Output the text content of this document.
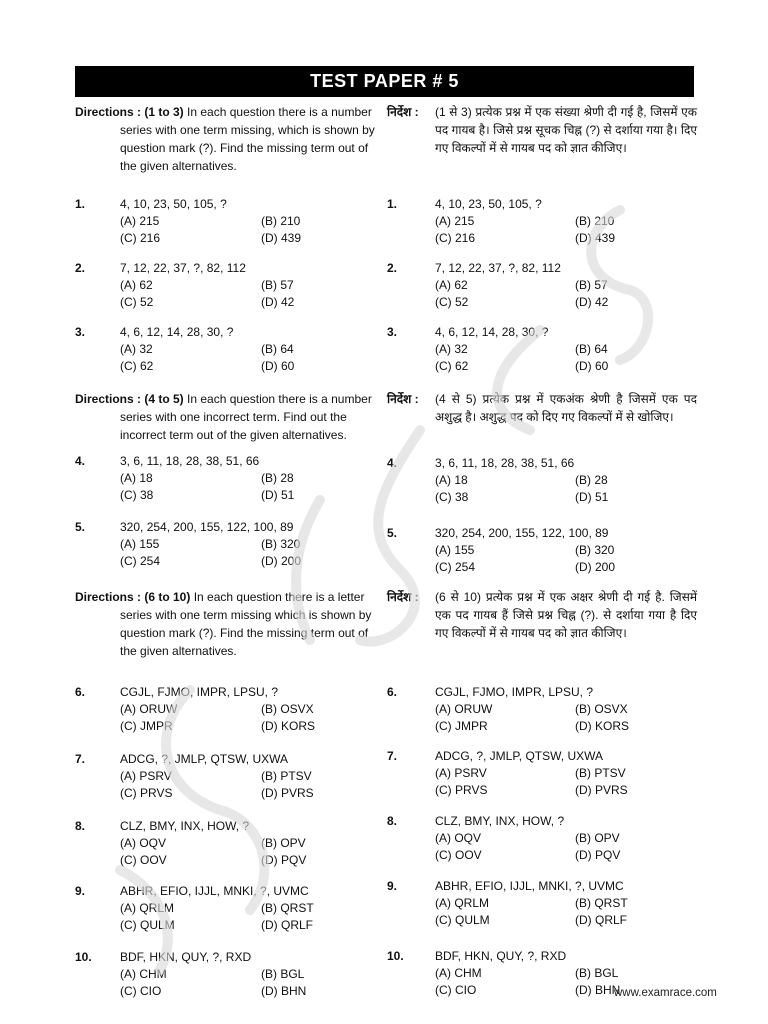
TEST PAPER # 5
Directions : (1 to 3) In each question there is a number series with one term missing, which is shown by question mark (?). Find the missing term out of the given alternatives.
1.	4, 10, 23, 50, 105, ?
(A) 215	(B) 210
(C) 216	(D) 439
2.	7, 12, 22, 37, ?, 82, 112
(A) 62	(B) 57
(C) 52	(D) 42
3.	4, 6, 12, 14, 28, 30, ?
(A) 32	(B) 64
(C) 62	(D) 60
Directions : (4 to 5) In each question there is a number series with one incorrect term. Find out the incorrect term out of the given alternatives.
4.	3, 6, 11, 18, 28, 38, 51, 66
(A) 18	(B) 28
(C) 38	(D) 51
5.	320, 254, 200, 155, 122, 100, 89
(A) 155	(B) 320
(C) 254	(D) 200
Directions : (6 to 10) In each question there is a letter series with one term missing which is shown by question mark (?). Find the missing term out of the given alternatives.
6.	CGJL, FJMO, IMPR, LPSU, ?
(A) ORUW	(B) OSVX
(C) JMPR	(D) KORS
7.	ADCG, ?, JMLP, QTSW, UXWA
(A) PSRV	(B) PTSV
(C) PRVS	(D) PVRS
8.	CLZ, BMY, INX, HOW, ?
(A) OQV	(B) OPV
(C) OOV	(D) PQV
9.	ABHR, EFIO, IJJL, MNKI, ?, UVMC
(A) QRLM	(B) QRST
(C) QULM	(D) QRLF
10. BDF, HKN, QUY, ?, RXD
(A) CHM	(B) BGL
(C) CIO	(D) BHN
निर्देश : (1 से 3) प्रत्येक प्रश्न में एक संख्या श्रेणी दी गई है, जिसमें एक पद गायब है। जिसे प्रश्न सूचक चिह्न (?) से दर्शाया गया है। दिए गए विकल्पों में से गायब पद को ज्ञात कीजिए।
1.	4, 10, 23, 50, 105, ?
(A) 215	(B) 210
(C) 216	(D) 439
2.	7, 12, 22, 37, ?, 82, 112
(A) 62	(B) 57
(C) 52	(D) 42
3.	4, 6, 12, 14, 28, 30, ?
(A) 32	(B) 64
(C) 62	(D) 60
निर्देश : (4 से 5) प्रत्येक प्रश्न में एकअंक श्रेणी है जिसमें एक पद अशुद्ध है। अशुद्ध पद को दिए गए विकल्पों में से खोजिए।
4.	3, 6, 11, 18, 28, 38, 51, 66
(A) 18	(B) 28
(C) 38	(D) 51
5.	320, 254, 200, 155, 122, 100, 89
(A) 155	(B) 320
(C) 254	(D) 200
निर्देश : (6 से 10) प्रत्येक प्रश्न में एक अक्षर श्रेणी दी गई है. जिसमें एक पद गायब हैं जिसे प्रश्न चिह्न (?). से दर्शाया गया है दिए गए विकल्पों में से गायब पद को ज्ञात कीजिए।
6.	CGJL, FJMO, IMPR, LPSU, ?
(A) ORUW	(B) OSVX
(C) JMPR	(D) KORS
7.	ADCG, ?, JMLP, QTSW, UXWA
(A) PSRV	(B) PTSV
(C) PRVS	(D) PVRS
8.	CLZ, BMY, INX, HOW, ?
(A) OQV	(B) OPV
(C) OOV	(D) PQV
9.	ABHR, EFIO, IJJL, MNKI, ?, UVMC
(A) QRLM	(B) QRST
(C) QULM	(D) QRLF
10.	BDF, HKN, QUY, ?, RXD
(A) CHM	(B) BGL
(C) CIO	(D) BHN
www.examrace.com
